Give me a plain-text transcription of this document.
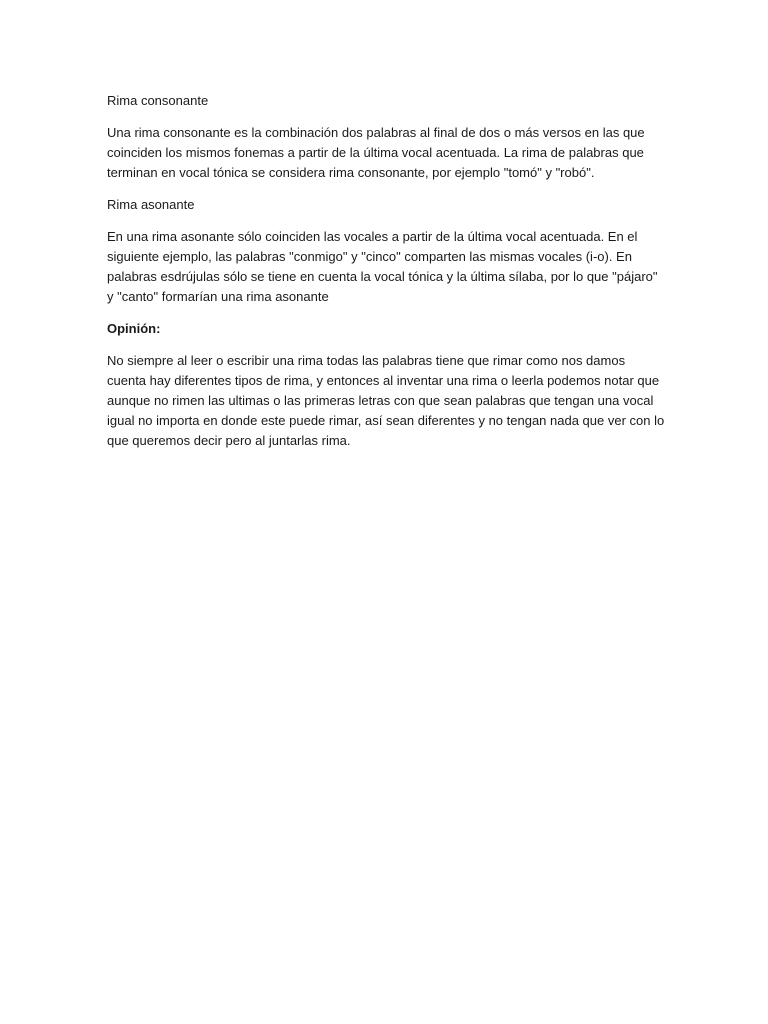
Rima consonante

Una rima consonante es la combinación dos palabras al final de dos o más versos en las que coinciden los mismos fonemas a partir de la última vocal acentuada. La rima de palabras que terminan en vocal tónica se considera rima consonante, por ejemplo "tomó" y "robó".

Rima asonante

En una rima asonante sólo coinciden las vocales a partir de la última vocal acentuada. En el siguiente ejemplo, las palabras "conmigo" y "cinco" comparten las mismas vocales (i-o). En palabras esdrújulas sólo se tiene en cuenta la vocal tónica y la última sílaba, por lo que "pájaro" y "canto" formarían una rima asonante

Opinión:

No siempre al leer o escribir una rima todas las palabras tiene que rimar como nos damos cuenta hay diferentes tipos de rima, y entonces al inventar una rima o leerla podemos notar que aunque no rimen las ultimas o las primeras letras con que sean palabras que tengan una vocal igual no importa en donde este puede rimar, así sean diferentes y no tengan nada que ver con lo que queremos decir pero al juntarlas rima.
